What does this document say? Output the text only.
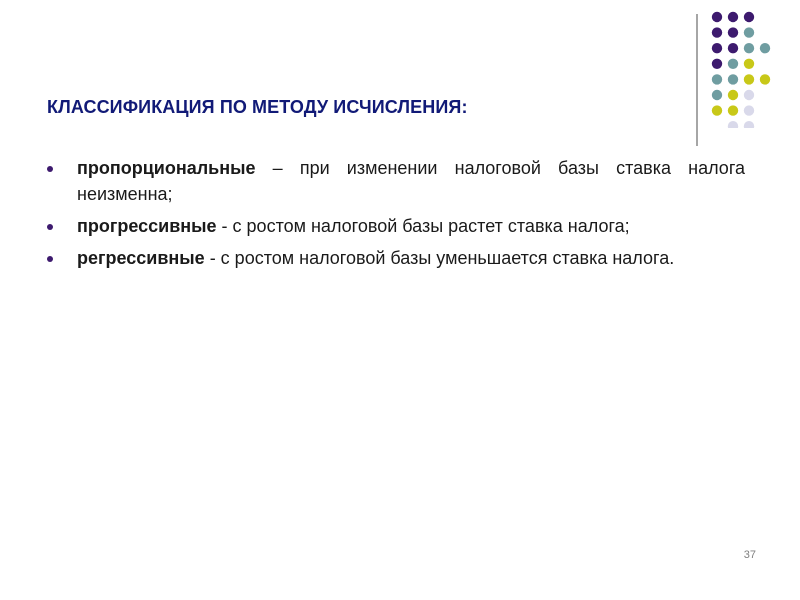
КЛАССИФИКАЦИЯ ПО МЕТОДУ ИСЧИСЛЕНИЯ:
пропорциональные – при изменении налоговой базы ставка налога неизменна;
прогрессивные - с ростом налоговой базы растет ставка налога;
регрессивные - с ростом налоговой базы уменьшается ставка налога.
37
